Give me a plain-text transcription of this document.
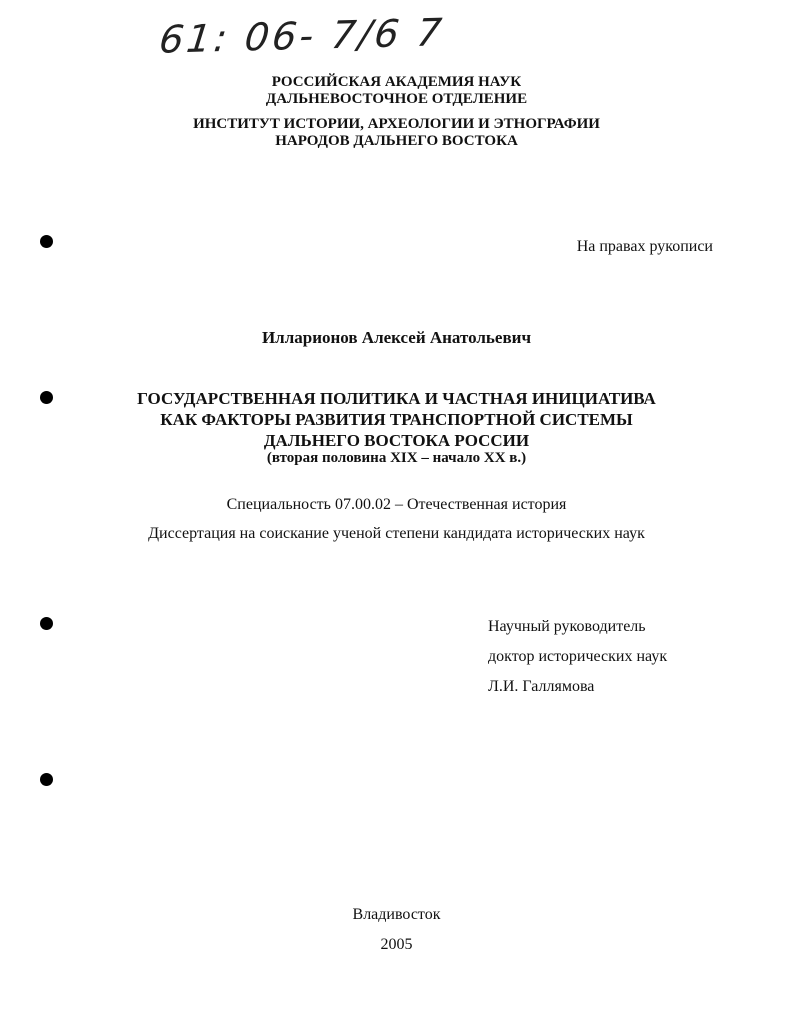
61: 06- 7/6 7
РОССИЙСКАЯ АКАДЕМИЯ НАУК
ДАЛЬНЕВОСТОЧНОЕ ОТДЕЛЕНИЕ
ИНСТИТУТ ИСТОРИИ, АРХЕОЛОГИИ И ЭТНОГРАФИИ
НАРОДОВ ДАЛЬНЕГО ВОСТОКА
На правах рукописи
Илларионов Алексей Анатольевич
ГОСУДАРСТВЕННАЯ ПОЛИТИКА И ЧАСТНАЯ ИНИЦИАТИВА
КАК ФАКТОРЫ РАЗВИТИЯ ТРАНСПОРТНОЙ СИСТЕМЫ
ДАЛЬНЕГО ВОСТОКА РОССИИ
(вторая половина XIX – начало XX в.)
Специальность 07.00.02 – Отечественная история
Диссертация на соискание ученой степени кандидата исторических наук
Научный руководитель
доктор исторических наук
Л.И. Галлямова
Владивосток
2005
